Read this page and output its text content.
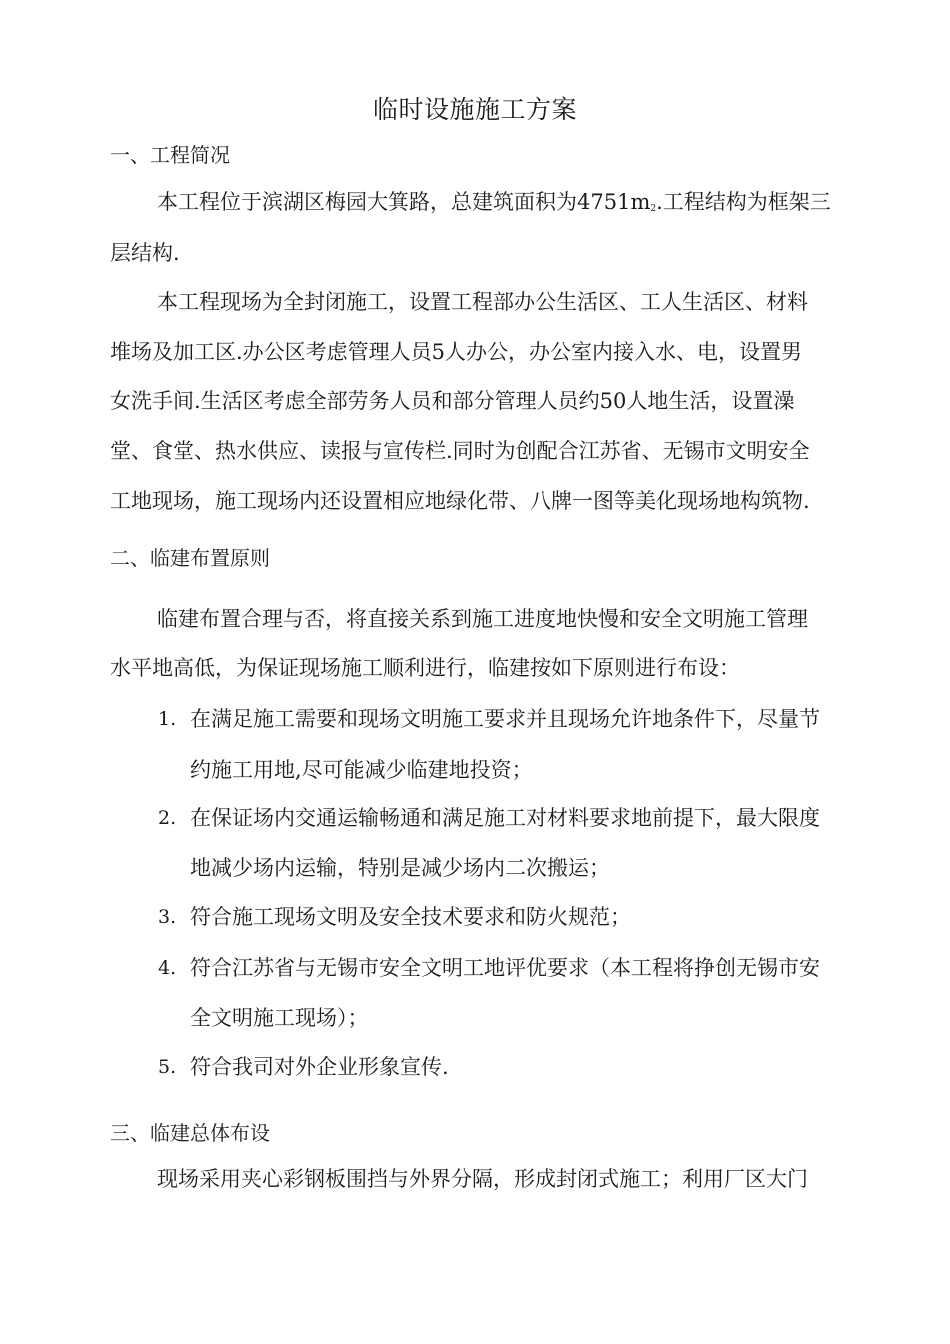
临时设施施工方案
一、工程简况
本工程位于滨湖区梅园大箕路，总建筑面积为$4751m_2$.工程结构为框架三
层结构.
本工程现场为全封闭施工，设置工程部办公生活区、工人生活区、材料
堆场及加工区.办公区考虑管理人员5人办公，办公室内接入水、电，设置男
女洗手间.生活区考虑全部劳务人员和部分管理人员约50人地生活，设置澡
堂、食堂、热水供应、读报与宣传栏.同时为创配合江苏省、无锡市文明安全
工地现场，施工现场内还设置相应地绿化带、八牌一图等美化现场地构筑物.
二、临建布置原则
临建布置合理与否，将直接关系到施工进度地快慢和安全文明施工管理
水平地高低，为保证现场施工顺利进行，临建按如下原则进行布设：
1. 在满足施工需要和现场文明施工要求并且现场允许地条件下，尽量节
约施工用地,尽可能减少临建地投资；
2. 在保证场内交通运输畅通和满足施工对材料要求地前提下，最大限度
地减少场内运输，特别是减少场内二次搬运；
3. 符合施工现场文明及安全技术要求和防火规范；
4. 符合江苏省与无锡市安全文明工地评优要求（本工程将挣创无锡市安
全文明施工现场）；
5. 符合我司对外企业形象宣传.
三、临建总体布设
现场采用夹心彩钢板围挡与外界分隔，形成封闭式施工；利用厂区大门
